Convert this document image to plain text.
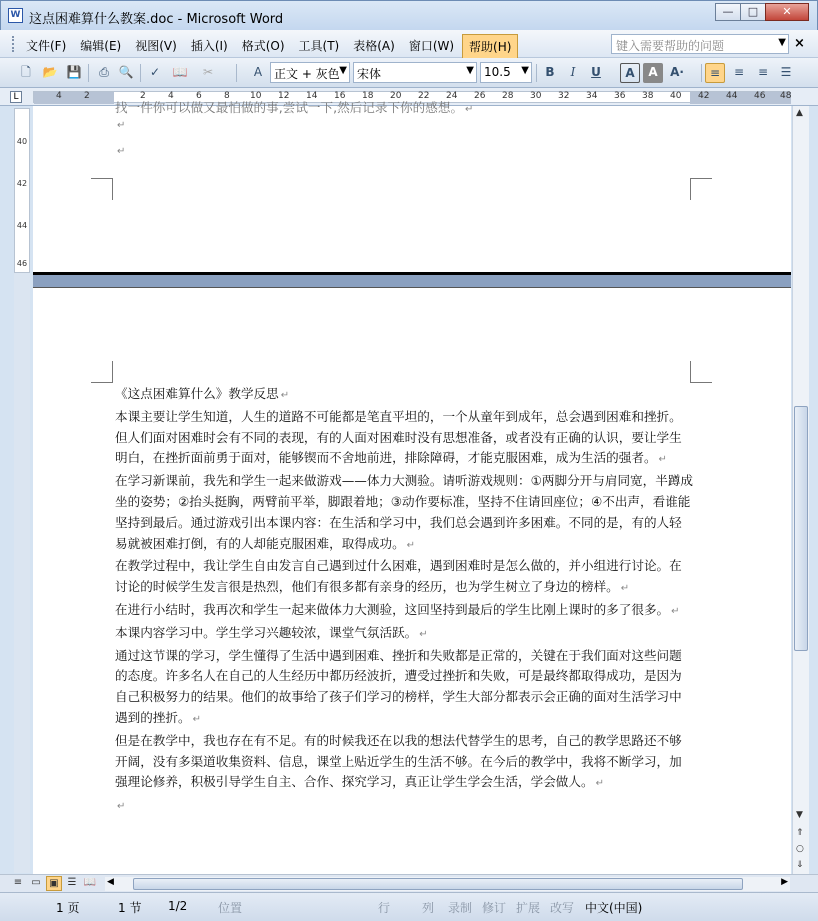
W 这点困难算什么教案.doc - Microsoft Word
—	□	✕
文件(F)	编辑(E)	视图(V)	插入(I)	格式(O)	工具(T)	表格(A)	窗口(W)	帮助(H)	键入需要帮助的问题	▼ ×
🗋 📂 💾	⎙ 🔍	✓	📖	✂	A 正文 + 灰色 ▼ 宋体	▼ 10.5 ▼	B	I	U	A	A	A·	≡	≡	≡	☰
L	4 2	2 4 6 8 10 12 14 16 18 20 22 24 26 28 30 32 34 36 38 40 42 44 46 48
40
42
44
46
找一件你可以做又最怕做的事,尝试一下,然后记录下你的感想。 ↵
↵
↵
《这点困难算什么》教学反思 ↵
本课主要让学生知道，人生的道路不可能都是笔直平坦的，一个从童年到成年，总会遇到困难和挫折。但人们面对困难时会有不同的表现，有的人面对困难时没有思想准备，或者没有正确的认识，要让学生明白，在挫折面前勇于面对，能够锲而不舍地前进，排除障碍，才能克服困难，成为生活的强者。 ↵
在学习新课前，我先和学生一起来做游戏——体力大测验。请听游戏规则：①两脚分开与肩同宽，半蹲成坐的姿势；②抬头挺胸，两臂前平举，脚跟着地；③动作要标准，坚持不住请回座位；④不出声，看谁能坚持到最后。通过游戏引出本课内容：在生活和学习中，我们总会遇到许多困难。不同的是，有的人轻易就被困难打倒，有的人却能克服困难，取得成功。 ↵
在教学过程中，我让学生自由发言自己遇到过什么困难，遇到困难时是怎么做的，并小组进行讨论。在讨论的时候学生发言很是热烈，他们有很多都有亲身的经历，也为学生树立了身边的榜样。 ↵
在进行小结时，我再次和学生一起来做体力大测验，这回坚持到最后的学生比刚上课时的多了很多。 ↵
本课内容学习中。学生学习兴趣较浓，课堂气氛活跃。 ↵
通过这节课的学习，学生懂得了生活中遇到困难、挫折和失败都是正常的，关键在于我们面对这些问题的态度。许多名人在自己的人生经历中都历经波折，遭受过挫折和失败，可是最终都取得成功，是因为自己积极努力的结果。他们的故事给了孩子们学习的榜样，学生大部分都表示会正确的面对生活学习中遇到的挫折。 ↵
但是在教学中，我也存在有不足。有的时候我还在以我的想法代替学生的思考，自己的教学思路还不够开阔，没有多渠道收集资料、信息，课堂上贴近学生的生活不够。在今后的教学中，我将不断学习，加强理论修养，积极引导学生自主、合作、探究学习，真正让学生学会生活，学会做人。 ↵
↵
▲
▼
⇑
○
⇓
≡ ▭ ▣ ☰ 📖 ◀	▶
1 页	1 节 1/2	位置	行	列 录制 修订 扩展 改写 中文(中国)
